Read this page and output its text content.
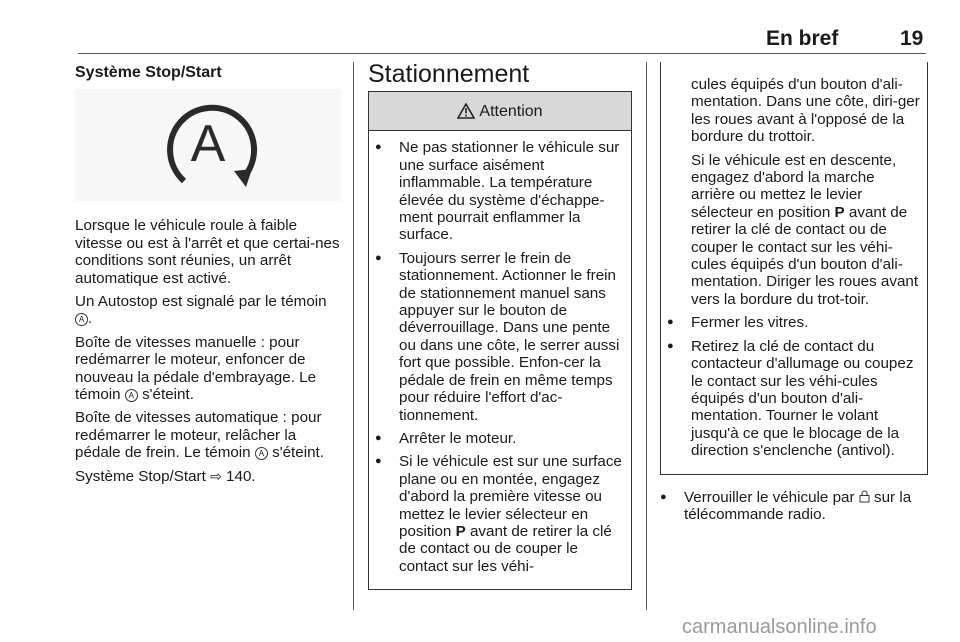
En bref	19
Système Stop/Start
A

Lorsque le véhicule roule à faible vitesse ou est à l'arrêt et que certai-nes conditions sont réunies, un arrêt automatique est activé.

Un Autostop est signalé par le témoin A .

Boîte de vitesses manuelle : pour redémarrer le moteur, enfoncer de nouveau la pédale d'embrayage. Le témoin A s'éteint.

Boîte de vitesses automatique : pour redémarrer le moteur, relâcher la pédale de frein. Le témoin A s'éteint.

Système Stop/Start ⇨ 140.

Stationnement
Attention
● Ne pas stationner le véhicule sur une surface aisément inflammable. La température élevée du système d'échappe-ment pourrait enflammer la surface.
● Toujours serrer le frein de stationnement. Actionner le frein de stationnement manuel sans appuyer sur le bouton de déverrouillage. Dans une pente ou dans une côte, le serrer aussi fort que possible. Enfon-cer la pédale de frein en même temps pour réduire l'effort d'ac-tionnement.
● Arrêter le moteur.
● Si le véhicule est sur une surface plane ou en montée, engagez d'abord la première vitesse ou mettez le levier sélecteur en position P avant de retirer la clé de contact ou de couper le contact sur les véhi-
cules équipés d'un bouton d'ali-mentation. Dans une côte, diri-ger les roues avant à l'opposé de la bordure du trottoir.
Si le véhicule est en descente, engagez d'abord la marche arrière ou mettez le levier sélecteur en position P avant de retirer la clé de contact ou de couper le contact sur les véhi-cules équipés d'un bouton d'ali-mentation. Diriger les roues avant vers la bordure du trot-toir.
● Fermer les vitres.
● Retirez la clé de contact du contacteur d'allumage ou coupez le contact sur les véhi-cules équipés d'un bouton d'ali-mentation. Tourner le volant jusqu'à ce que le blocage de la direction s'enclenche (antivol).
● Verrouiller le véhicule par sur la télécommande radio.
carmanualsonline.info
